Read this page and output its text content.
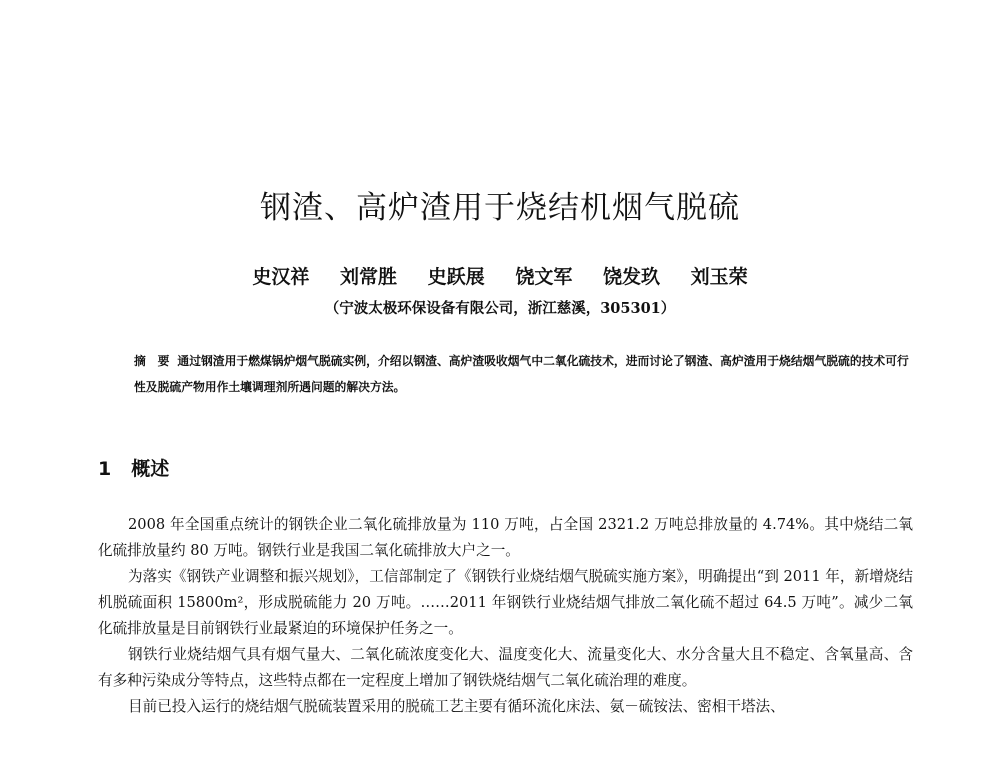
钢渣、高炉渣用于烧结机烟气脱硫
史汉祥 刘常胜 史跃展 饶文军 饶发玖 刘玉荣
（宁波太极环保设备有限公司，浙江慈溪，305301）
摘　要 通过钢渣用于燃煤锅炉烟气脱硫实例，介绍以钢渣、高炉渣吸收烟气中二氧化硫技术，进而讨论了钢渣、高炉渣用于烧结烟气脱硫的技术可行性及脱硫产物用作土壤调理剂所遇问题的解决方法。
1 概述

2008 年全国重点统计的钢铁企业二氧化硫排放量为 110 万吨，占全国 2321.2 万吨总排放量的 4.74%。其中烧结二氧化硫排放量约 80 万吨。钢铁行业是我国二氧化硫排放大户之一。

为落实《钢铁产业调整和振兴规划》，工信部制定了《钢铁行业烧结烟气脱硫实施方案》，明确提出“到 2011 年，新增烧结机脱硫面积 15800m²，形成脱硫能力 20 万吨。……2011 年钢铁行业烧结烟气排放二氧化硫不超过 64.5 万吨”。减少二氧化硫排放量是目前钢铁行业最紧迫的环境保护任务之一。

钢铁行业烧结烟气具有烟气量大、二氧化硫浓度变化大、温度变化大、流量变化大、水分含量大且不稳定、含氧量高、含有多种污染成分等特点，这些特点都在一定程度上增加了钢铁烧结烟气二氧化硫治理的难度。

目前已投入运行的烧结烟气脱硫装置采用的脱硫工艺主要有循环流化床法、氨－硫铵法、密相干塔法、
